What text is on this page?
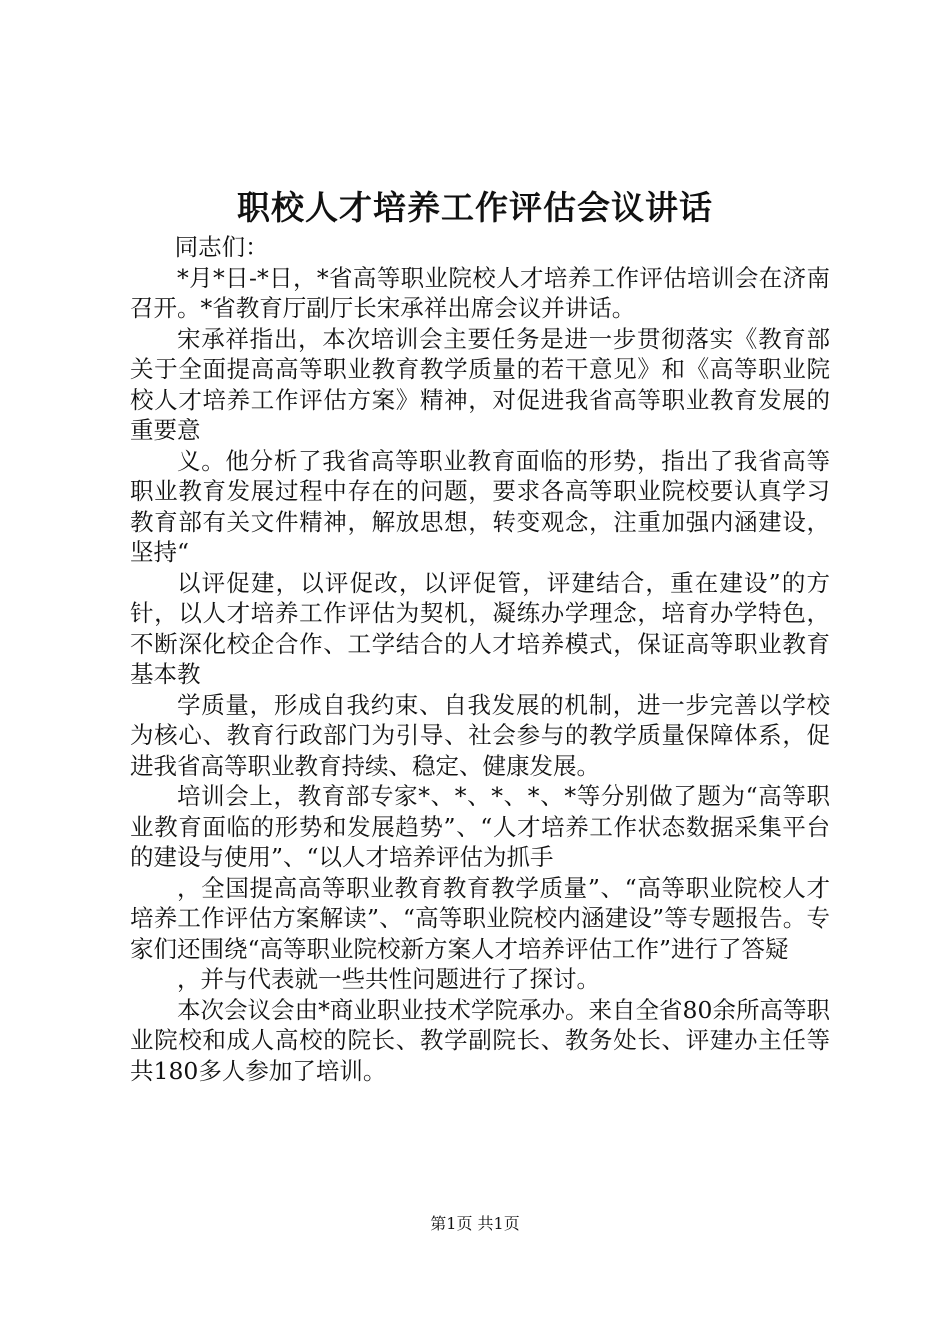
职校人才培养工作评估会议讲话

同志们：

*月*日-*日，*省高等职业院校人才培养工作评估培训会在济南召开。*省教育厅副厅长宋承祥出席会议并讲话。

宋承祥指出，本次培训会主要任务是进一步贯彻落实《教育部关于全面提高高等职业教育教学质量的若干意见》和《高等职业院校人才培养工作评估方案》精神，对促进我省高等职业教育发展的重要意

义。他分析了我省高等职业教育面临的形势，指出了我省高等职业教育发展过程中存在的问题，要求各高等职业院校要认真学习教育部有关文件精神，解放思想，转变观念，注重加强内涵建设，坚持“

以评促建，以评促改，以评促管，评建结合，重在建设”的方针，以人才培养工作评估为契机，凝练办学理念，培育办学特色，不断深化校企合作、工学结合的人才培养模式，保证高等职业教育基本教

学质量，形成自我约束、自我发展的机制，进一步完善以学校为核心、教育行政部门为引导、社会参与的教学质量保障体系，促进我省高等职业教育持续、稳定、健康发展。

培训会上，教育部专家*、*、*、*、*等分别做了题为“高等职业教育面临的形势和发展趋势”、“人才培养工作状态数据采集平台的建设与使用”、“以人才培养评估为抓手

，全国提高高等职业教育教育教学质量”、“高等职业院校人才培养工作评估方案解读”、“高等职业院校内涵建设”等专题报告。专家们还围绕“高等职业院校新方案人才培养评估工作”进行了答疑

，并与代表就一些共性问题进行了探讨。

本次会议会由*商业职业技术学院承办。来自全省80余所高等职业院校和成人高校的院长、教学副院长、教务处长、评建办主任等共180多人参加了培训。

第1页 共1页
